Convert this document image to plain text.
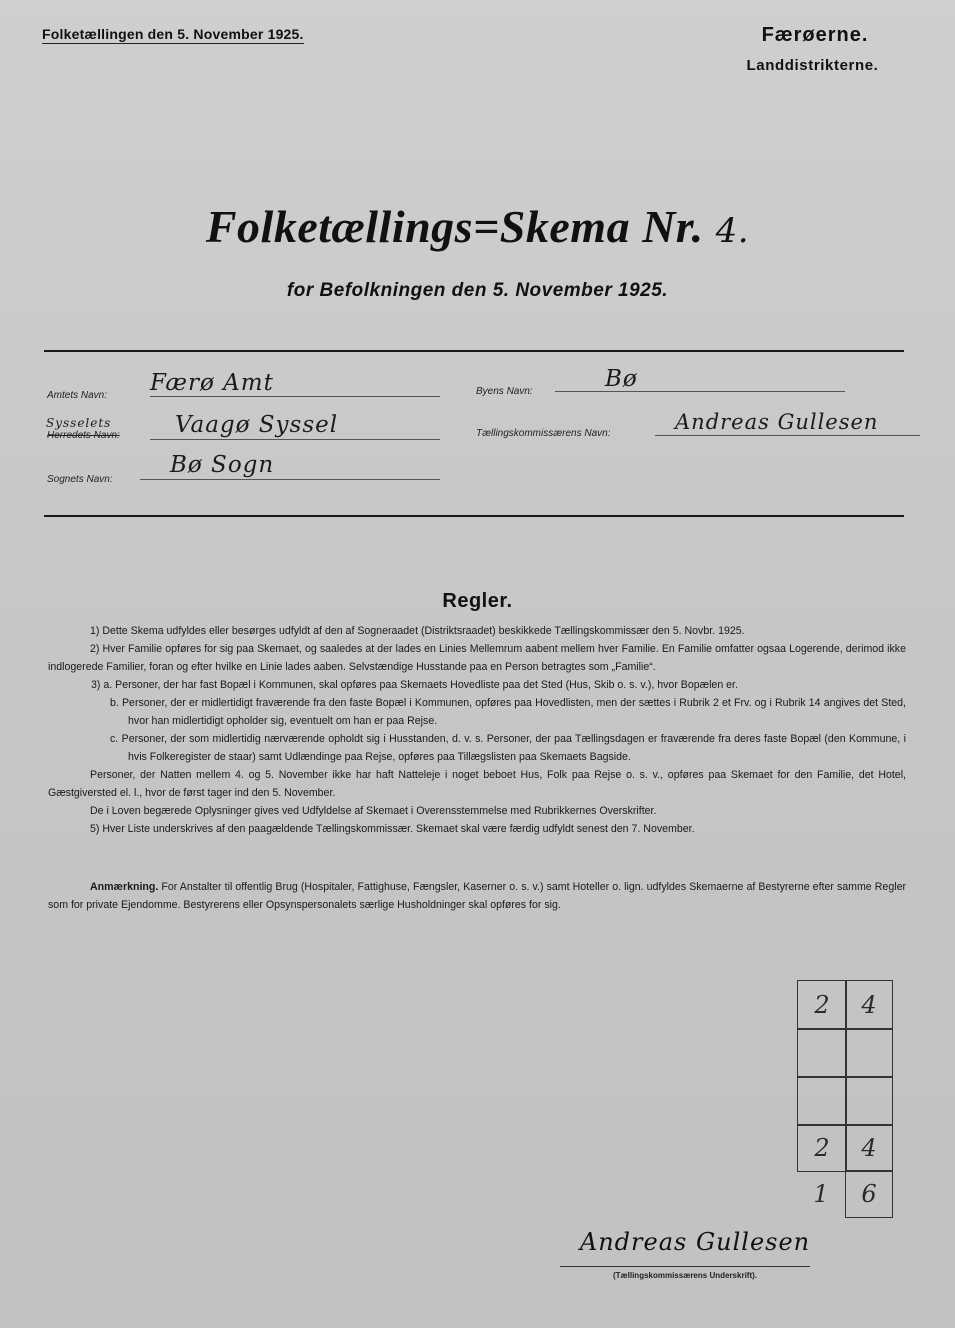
Folketællingen den 5. November 1925.	Færøerne.
Landdistrikterne.
Folketællings=Skema Nr. 4.
for Befolkningen den 5. November 1925.
Amtets Navn: Færø Amt	Byens Navn:	Bø
Sysselets
Herredets Navn:	Vaagø Syssel	Tællingskommissærens Navn:	Andreas Gullesen
Sognets Navn:
Bø Sogn
Regler.

1) Dette Skema udfyldes eller besørges udfyldt af den af Sogneraadet (Distriktsraadet) beskikkede Tællingskommissær den 5. Novbr. 1925.

2) Hver Familie opføres for sig paa Skemaet, og saaledes at der lades en Linies Mellemrum aabent mellem hver Familie. En Familie omfatter ogsaa Logerende, derimod ikke indlogerede Familier, foran og efter hvilke en Linie lades aaben. Selvstændige Husstande paa en Person betragtes som „Familie“.

3) a. Personer, der har fast Bopæl i Kommunen, skal opføres paa Skemaets Hovedliste paa det Sted (Hus, Skib o. s. v.), hvor Bopælen er.

b. Personer, der er midlertidigt fraværende fra den faste Bopæl i Kommunen, opføres paa Hovedlisten, men der sættes i Rubrik 2 et Frv. og i Rubrik 14 angives det Sted, hvor han midlertidigt opholder sig, eventuelt om han er paa Rejse.

c. Personer, der som midlertidig nærværende opholdt sig i Husstanden, d. v. s. Personer, der paa Tællingsdagen er fraværende fra deres faste Bopæl (den Kommune, i hvis Folkeregister de staar) samt Udlændinge paa Rejse, opføres paa Tillægslisten paa Skemaets Bagside.

Personer, der Natten mellem 4. og 5. November ikke har haft Natteleje i noget beboet Hus, Folk paa Rejse o. s. v., opføres paa Skemaet for den Familie, det Hotel, Gæstgiversted el. l., hvor de først tager ind den 5. November.

De i Loven begærede Oplysninger gives ved Udfyldelse af Skemaet i Overensstemmelse med Rubrikkernes Overskrifter.

5) Hver Liste underskrives af den paagældende Tællingskommissær. Skemaet skal være færdig udfyldt senest den 7. November.

Anmærkning. For Anstalter til offentlig Brug (Hospitaler, Fattighuse, Fængsler, Kaserner o. s. v.) samt Hoteller o. lign. udfyldes Skemaerne af Bestyrerne efter samme Regler som for private Ejendomme. Bestyrerens eller Opsynspersonalets særlige Husholdninger skal opføres for sig.
2	4
2	4
1	6
Andreas Gullesen
(Tællingskommissærens Underskrift).
